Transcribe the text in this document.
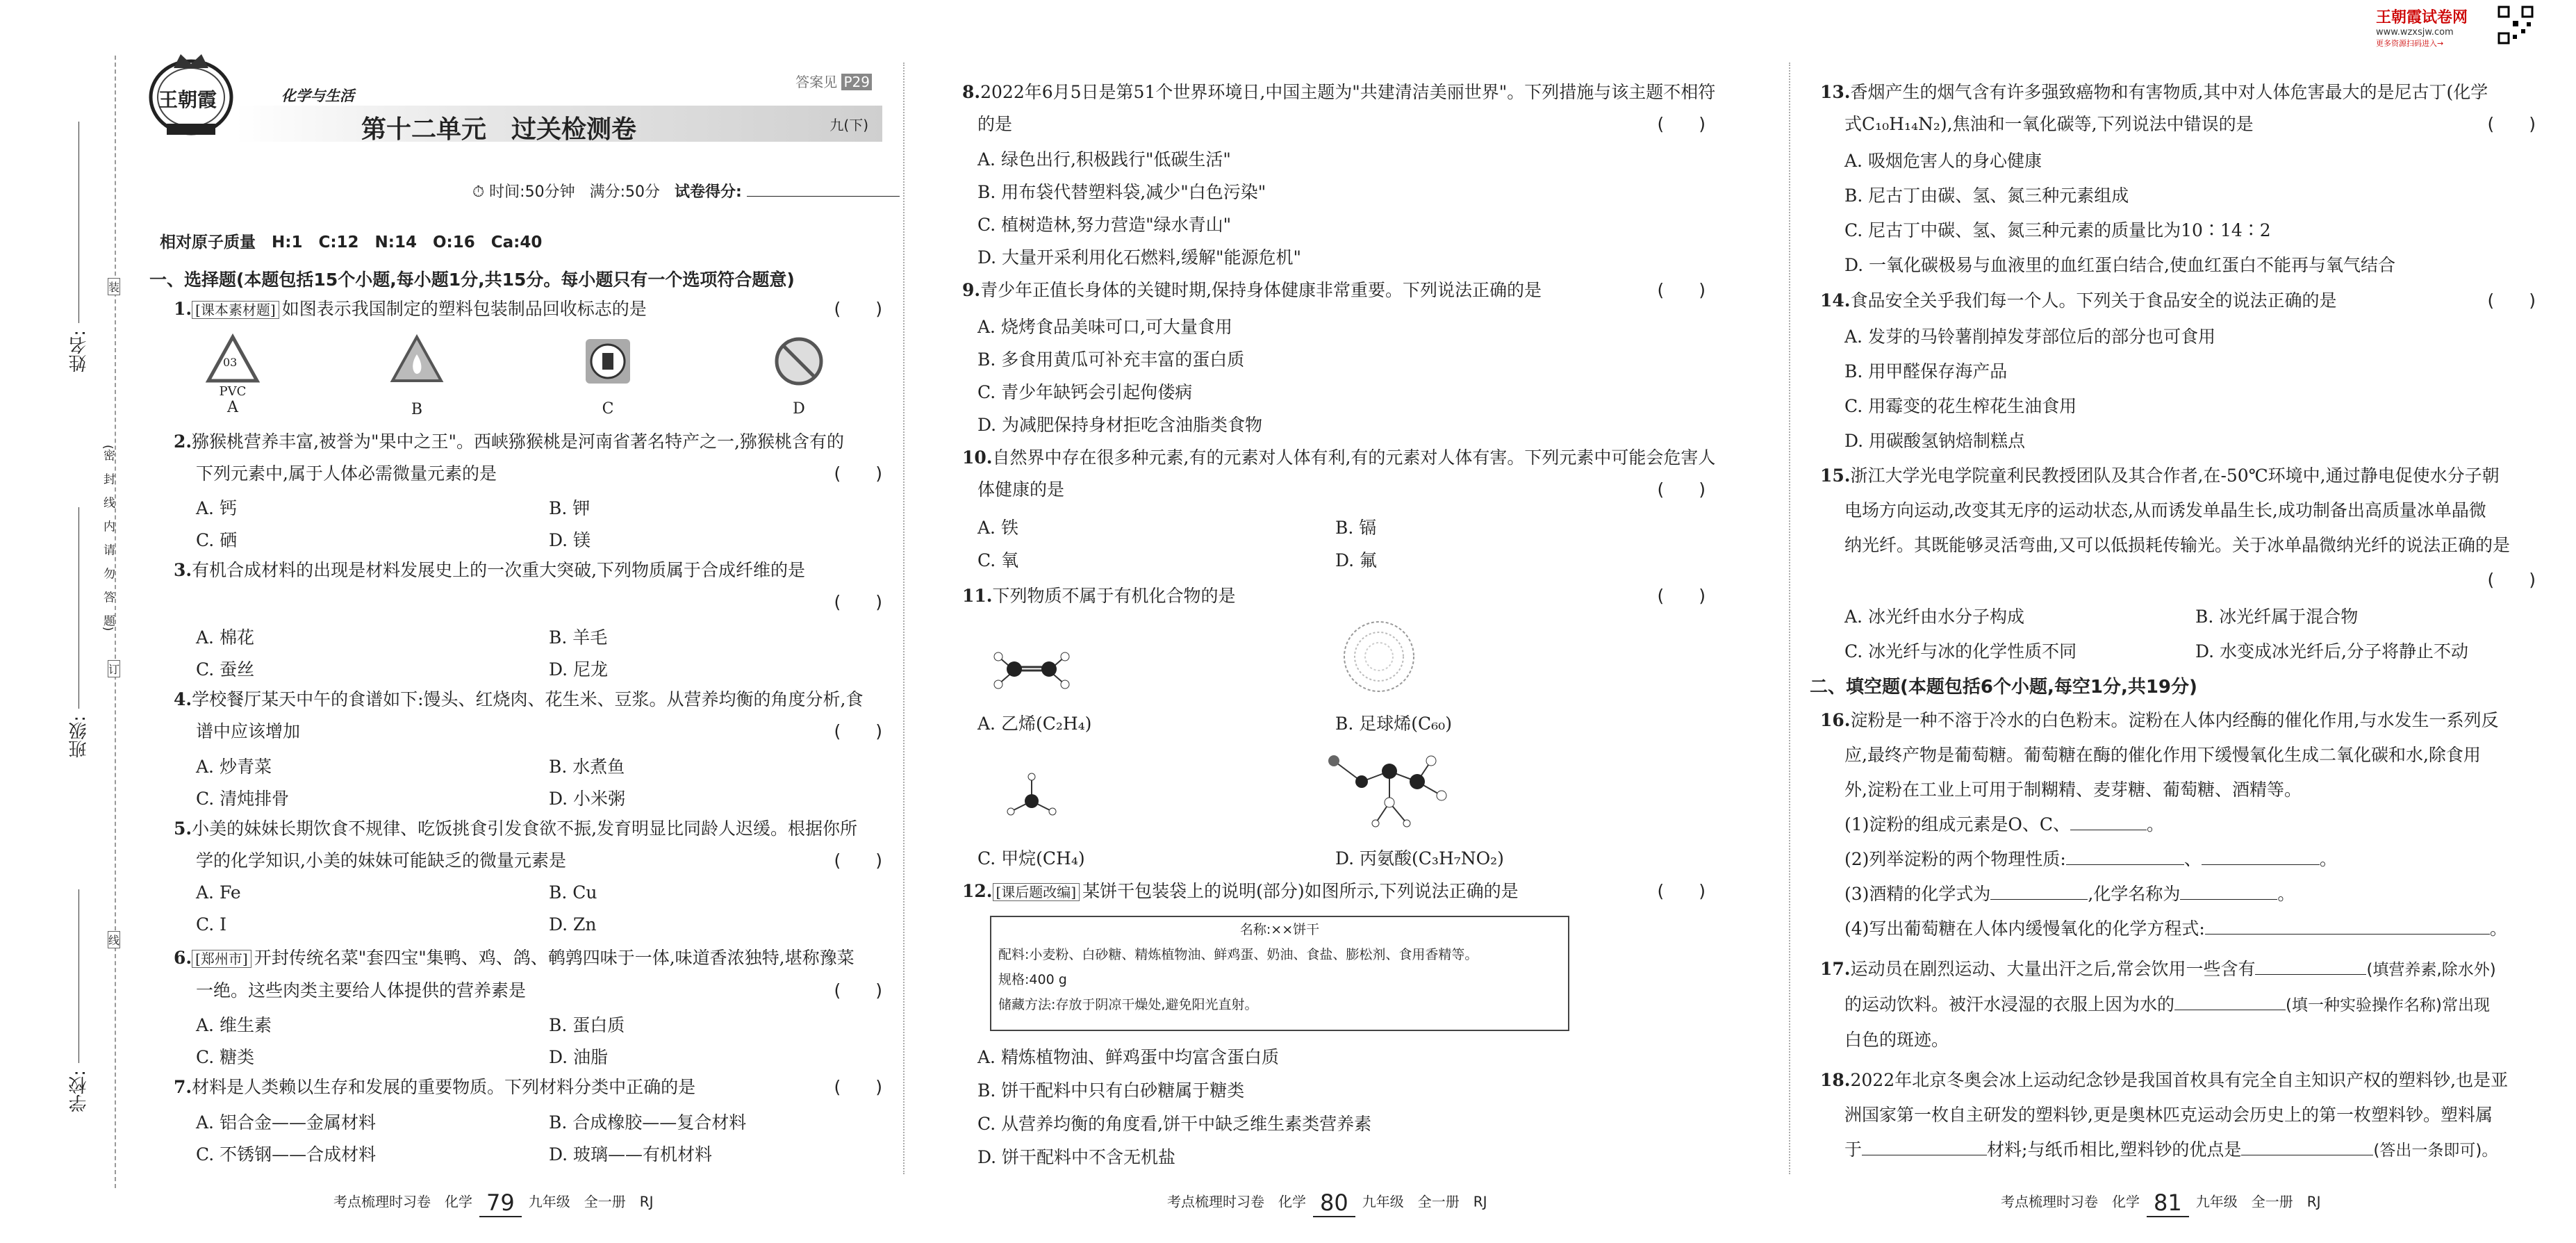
姓名:
班级:
学校:
(密　封　线　内　请　勿　答　题)
装
订
线
王朝霞	化学与生活
答案见 P29
第十二单元　过关检测卷	九(下)
⏱ 时间:50分钟 满分:50分 试卷得分:
相对原子质量　H:1　C:12　N:14　O:16　Ca:40
一、选择题(本题包括15个小题,每小题1分,共15分。每小题只有一个选项符合题意)
1. [课本素材题] 如图表示我国制定的塑料包装制品回收标志的是	(　　)
03
PVC
A	B	C	D
2.猕猴桃营养丰富,被誉为"果中之王"。西峡猕猴桃是河南省著名特产之一,猕猴桃含有的
下列元素中,属于人体必需微量元素的是	(　　)
A. 钙	B. 钾
C. 硒	D. 镁
3.有机合成材料的出现是材料发展史上的一次重大突破,下列物质属于合成纤维的是
(　　)
A. 棉花	B. 羊毛
C. 蚕丝	D. 尼龙
4.学校餐厅某天中午的食谱如下:馒头、红烧肉、花生米、豆浆。从营养均衡的角度分析,食
谱中应该增加	(　　)
A. 炒青菜	B. 水煮鱼
C. 清炖排骨	D. 小米粥
5.小美的妹妹长期饮食不规律、吃饭挑食引发食欲不振,发育明显比同龄人迟缓。根据你所
学的化学知识,小美的妹妹可能缺乏的微量元素是	(　　)
A. Fe	B. Cu
C. I	D. Zn
6. [郑州市] 开封传统名菜"套四宝"集鸭、鸡、鸽、鹌鹑四味于一体,味道香浓独特,堪称豫菜
一绝。这些肉类主要给人体提供的营养素是	(　　)
A. 维生素	B. 蛋白质
C. 糖类	D. 油脂
7.材料是人类赖以生存和发展的重要物质。下列材料分类中正确的是	(　　)
A. 铝合金——金属材料	B. 合成橡胶——复合材料
C. 不锈钢——合成材料	D. 玻璃——有机材料
考点梳理时习卷　化学 79 九年级　全一册　RJ
8.2022年6月5日是第51个世界环境日,中国主题为"共建清洁美丽世界"。下列措施与该主题不相符
的是	(　　)
A. 绿色出行,积极践行"低碳生活"
B. 用布袋代替塑料袋,减少"白色污染"
C. 植树造林,努力营造"绿水青山"
D. 大量开采利用化石燃料,缓解"能源危机"
9.青少年正值长身体的关键时期,保持身体健康非常重要。下列说法正确的是	(　　)
A. 烧烤食品美味可口,可大量食用
B. 多食用黄瓜可补充丰富的蛋白质
C. 青少年缺钙会引起佝偻病
D. 为减肥保持身材拒吃含油脂类食物
10.自然界中存在很多种元素,有的元素对人体有利,有的元素对人体有害。下列元素中可能会危害人
体健康的是	(　　)
A. 铁	B. 镉
C. 氧	D. 氟
11.下列物质不属于有机化合物的是	(　　)
A. 乙烯(C₂H₄)	B. 足球烯(C₆₀)
C. 甲烷(CH₄)	D. 丙氨酸(C₃H₇NO₂)
12. [课后题改编] 某饼干包装袋上的说明(部分)如图所示,下列说法正确的是	(　　)
名称:××饼干
配料:小麦粉、白砂糖、精炼植物油、鲜鸡蛋、奶油、食盐、膨松剂、食用香精等。
规格:400 g
储藏方法:存放于阴凉干燥处,避免阳光直射。
A. 精炼植物油、鲜鸡蛋中均富含蛋白质
B. 饼干配料中只有白砂糖属于糖类
C. 从营养均衡的角度看,饼干中缺乏维生素类营养素
D. 饼干配料中不含无机盐
考点梳理时习卷　化学 80 九年级　全一册　RJ
王朝霞试卷网
www.wzxsjw.com
更多资源扫码进入→
13.香烟产生的烟气含有许多强致癌物和有害物质,其中对人体危害最大的是尼古丁(化学
式C₁₀H₁₄N₂),焦油和一氧化碳等,下列说法中错误的是	(　　)
A. 吸烟危害人的身心健康
B. 尼古丁由碳、氢、氮三种元素组成
C. 尼古丁中碳、氢、氮三种元素的质量比为10∶14∶2
D. 一氧化碳极易与血液里的血红蛋白结合,使血红蛋白不能再与氧气结合
14.食品安全关乎我们每一个人。下列关于食品安全的说法正确的是	(　　)
A. 发芽的马铃薯削掉发芽部位后的部分也可食用
B. 用甲醛保存海产品
C. 用霉变的花生榨花生油食用
D. 用碳酸氢钠焙制糕点
15.浙江大学光电学院童利民教授团队及其合作者,在-50℃环境中,通过静电促使水分子朝
电场方向运动,改变其无序的运动状态,从而诱发单晶生长,成功制备出高质量冰单晶微
纳光纤。其既能够灵活弯曲,又可以低损耗传输光。关于冰单晶微纳光纤的说法正确的是
(　　)
A. 冰光纤由水分子构成	B. 冰光纤属于混合物
C. 冰光纤与冰的化学性质不同	D. 水变成冰光纤后,分子将静止不动
二、填空题(本题包括6个小题,每空1分,共19分)
16.淀粉是一种不溶于冷水的白色粉末。淀粉在人体内经酶的催化作用,与水发生一系列反
应,最终产物是葡萄糖。葡萄糖在酶的催化作用下缓慢氧化生成二氧化碳和水,除食用
外,淀粉在工业上可用于制糊精、麦芽糖、葡萄糖、酒精等。
(1)淀粉的组成元素是O、C、	。
(2)列举淀粉的两个物理性质:	、	。
(3)酒精的化学式为	,化学名称为	。
(4)写出葡萄糖在人体内缓慢氧化的化学方程式:	。
17.运动员在剧烈运动、大量出汗之后,常会饮用一些含有	(填营养素,除水外)
的运动饮料。被汗水浸湿的衣服上因为水的	(填一种实验操作名称)常出现
白色的斑迹。
18.2022年北京冬奥会冰上运动纪念钞是我国首枚具有完全自主知识产权的塑料钞,也是亚
洲国家第一枚自主研发的塑料钞,更是奥林匹克运动会历史上的第一枚塑料钞。塑料属
于	材料;与纸币相比,塑料钞的优点是	(答出一条即可)。
考点梳理时习卷　化学 81 九年级　全一册　RJ
